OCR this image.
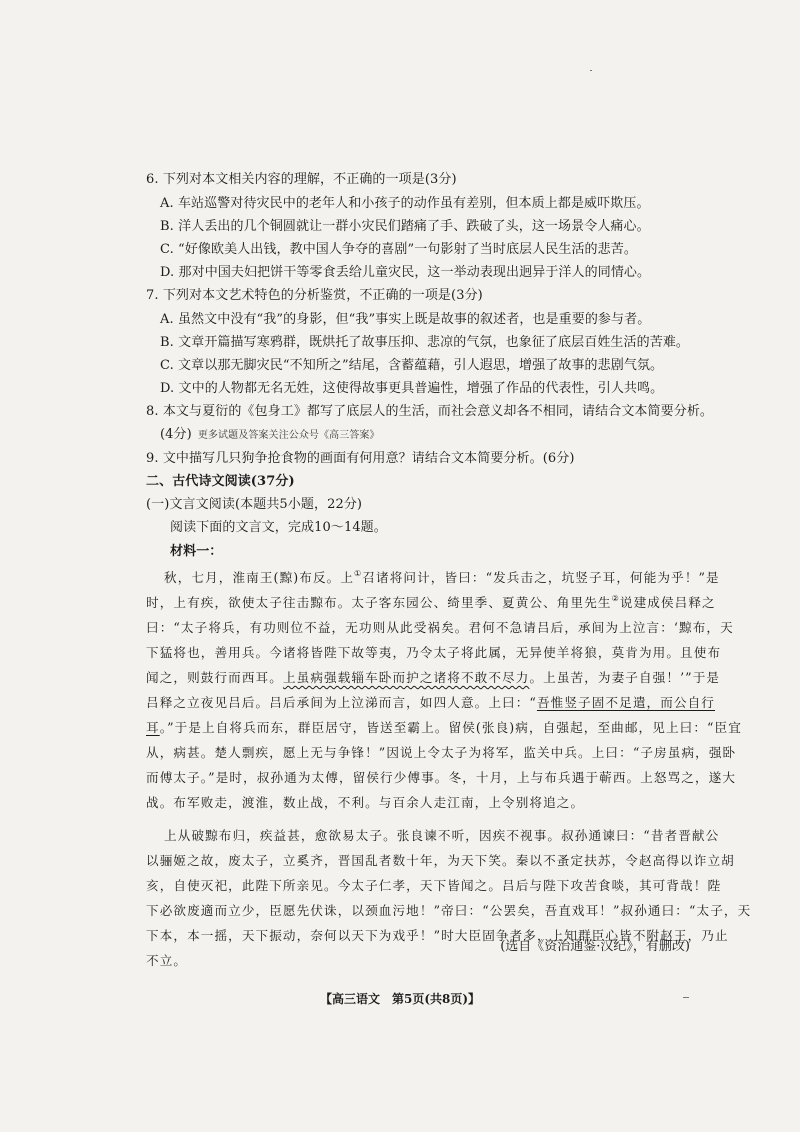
6. 下列对本文相关内容的理解，不正确的一项是(3分)
A. 车站巡警对待灾民中的老年人和小孩子的动作虽有差别，但本质上都是威吓欺压。
B. 洋人丢出的几个铜圆就让一群小灾民们踏痛了手、跌破了头，这一场景令人痛心。
C. “好像欧美人出钱，教中国人争夺的喜剧”一句影射了当时底层人民生活的悲苦。
D. 那对中国夫妇把饼干等零食丢给儿童灾民，这一举动表现出迥异于洋人的同情心。
7. 下列对本文艺术特色的分析鉴赏，不正确的一项是(3分)
A. 虽然文中没有“我”的身影，但“我”事实上既是故事的叙述者，也是重要的参与者。
B. 文章开篇描写寒鸦群，既烘托了故事压抑、悲凉的气氛，也象征了底层百姓生活的苦难。
C. 文章以那无脚灾民“不知所之”结尾，含蓄蕴藉，引人遐思，增强了故事的悲剧气氛。
D. 文中的人物都无名无姓，这使得故事更具普遍性，增强了作品的代表性，引人共鸣。
8. 本文与夏衍的《包身工》都写了底层人的生活，而社会意义却各不相同，请结合文本简要分析。
(4分) 更多试题及答案关注公众号《高三答案》
9. 文中描写几只狗争抢食物的画面有何用意？请结合文本简要分析。(6分)
二、古代诗文阅读(37分)
(一)文言文阅读(本题共5小题，22分)
阅读下面的文言文，完成10～14题。
材料一：
秋，七月，淮南王(黥)布反。上①召诸将问计，皆曰：“发兵击之，坑竖子耳，何能为乎！”是
时，上有疾，欲使太子往击黥布。太子客东园公、绮里季、夏黄公、角里先生②说建成侯吕释之
曰：“太子将兵，有功则位不益，无功则从此受祸矣。君何不急请吕后，承间为上泣言：‘黥布，天
下猛将也，善用兵。今诸将皆陛下故等夷，乃令太子将此属，无异使羊将狼，莫肯为用。且使布
闻之，则鼓行而西耳。上虽病强载辎车卧而护之诸将不敢不尽力。上虽苦，为妻子自强！’”于是
吕释之立夜见吕后。吕后承间为上泣涕而言，如四人意。上曰：“吾惟竖子固不足遣，而公自行
耳。”于是上自将兵而东，群臣居守，皆送至霸上。留侯(张良)病，自强起，至曲邮，见上曰：“臣宜
从，病甚。楚人剽疾，愿上无与争锋！”因说上令太子为将军，监关中兵。上曰：“子房虽病，强卧
而傅太子。”是时，叔孙通为太傅，留侯行少傅事。冬，十月，上与布兵遇于蕲西。上怒骂之，遂大
战。布军败走，渡淮，数止战，不利。与百余人走江南，上令别将追之。
上从破黥布归，疾益甚，愈欲易太子。张良谏不听，因疾不视事。叔孙通谏曰：“昔者晋献公
以骊姬之故，废太子，立奚齐，晋国乱者数十年，为天下笑。秦以不蚤定扶苏，令赵高得以诈立胡
亥，自使灭祀，此陛下所亲见。今太子仁孝，天下皆闻之。吕后与陛下攻苦食啖，其可背哉！陛
下必欲废適而立少，臣愿先伏诛，以颈血污地！”帝曰：“公罢矣，吾直戏耳！”叔孙通曰：“太子，天
下本，本一摇，天下振动，奈何以天下为戏乎！”时大臣固争者多，上知群臣心皆不附赵王，乃止
不立。
(选自《资治通鉴·汉纪》，有删改)
【高三语文　第5页(共8页)】
